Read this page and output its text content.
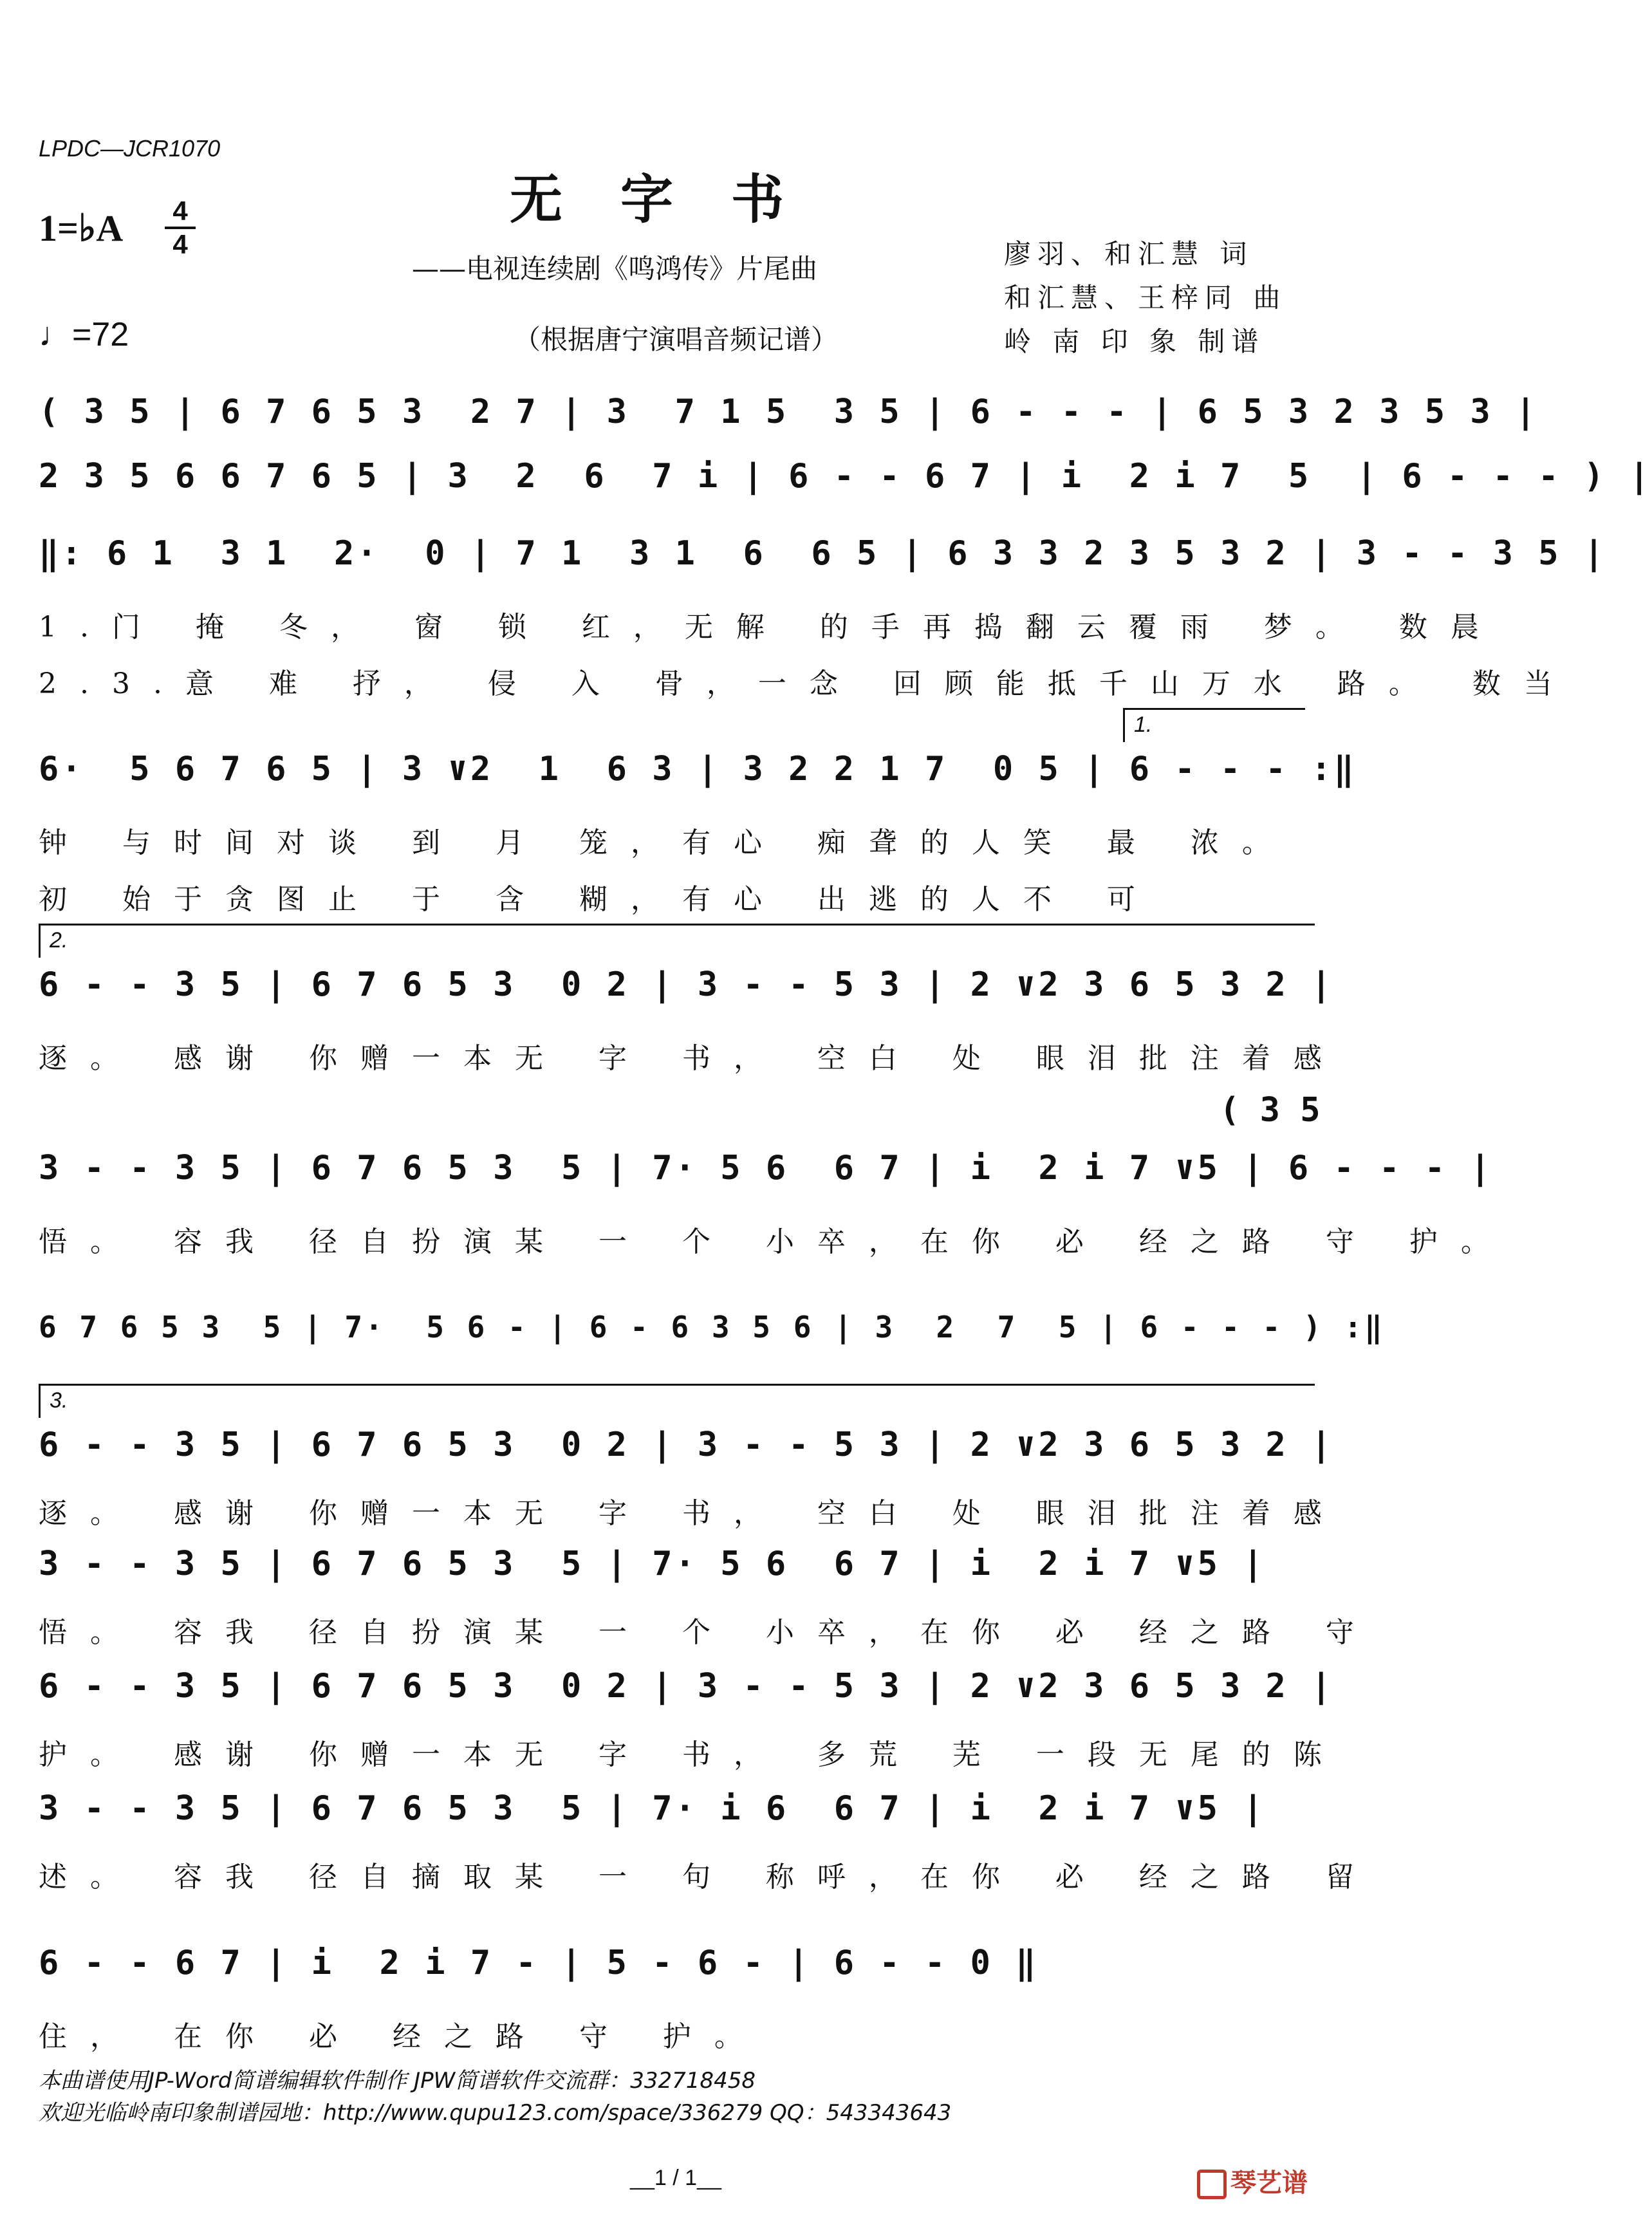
LPDC—JCR1070
无字书
1=♭A	4
4
——电视连续剧《鸣鸿传》片尾曲	廖羽、和汇慧 词
和汇慧、王梓同 曲
岭 南 印 象 制谱
♩=72	（根据唐宁演唱音频记谱）
( 3 5 | 6 7 6 5 3  2 7 | 3  7 1 5  3 5 | 6 - - - | 6 5 3 2 3 5 3 |
2 3 5 6 6 7 6 5 | 3  2  6  7 i | 6 - - 6 7 | i  2 i 7  5  | 6 - - - ) |
‖: 6 1  3 1  2·  0 | 7 1  3 1  6  6 5 | 6 3 3 2 3 5 3 2 | 3 - - 3 5 |
1.门 掩 冬， 窗 锁 红，无解 的手再捣翻云覆雨 梦。 数晨
2.3.意 难 抒， 侵 入 骨，一念 回顾能抵千山万水 路。 数当
1.
6·  5 6 7 6 5 | 3 ∨2  1  6 3 | 3 2 2 1 7  0 5 | 6 - - - :‖
钟 与时间对谈 到 月 笼，有心 痴聋的人笑 最 浓。
初 始于贪图止 于 含 糊，有心 出逃的人不 可
2.
6 - - 3 5 | 6 7 6 5 3  0 2 | 3 - - 5 3 | 2 ∨2 3 6 5 3 2 |
逐。 感谢 你赠一本无 字 书， 空白 处 眼泪批注着感
( 3 5
3 - - 3 5 | 6 7 6 5 3  5 | 7· 5 6  6 7 | i  2 i 7 ∨5 | 6 - - - |
悟。 容我 径自扮演某 一 个 小卒，在你 必 经之路 守 护。
6 7 6 5 3  5 | 7·  5 6 - | 6 - 6 3 5 6 | 3  2  7  5 | 6 - - - ) :‖
3.
6 - - 3 5 | 6 7 6 5 3  0 2 | 3 - - 5 3 | 2 ∨2 3 6 5 3 2 |
逐。 感谢 你赠一本无 字 书， 空白 处 眼泪批注着感
3 - - 3 5 | 6 7 6 5 3  5 | 7· 5 6  6 7 | i  2 i 7 ∨5 |
悟。 容我 径自扮演某 一 个 小卒，在你 必 经之路 守
6 - - 3 5 | 6 7 6 5 3  0 2 | 3 - - 5 3 | 2 ∨2 3 6 5 3 2 |
护。 感谢 你赠一本无 字 书， 多荒 芜 一段无尾的陈
3 - - 3 5 | 6 7 6 5 3  5 | 7· i 6  6 7 | i  2 i 7 ∨5 |
述。 容我 径自摘取某 一 句 称呼，在你 必 经之路 留
6 - - 6 7 | i  2 i 7 - | 5 - 6 - | 6 - - 0 ‖
住， 在你 必 经之路 守 护。
本曲谱使用JP-Word简谱编辑软件制作 JPW简谱软件交流群：332718458
欢迎光临岭南印象制谱园地：http://www.qupu123.com/space/336279 QQ：543343643
__1 / 1__	琴艺谱
